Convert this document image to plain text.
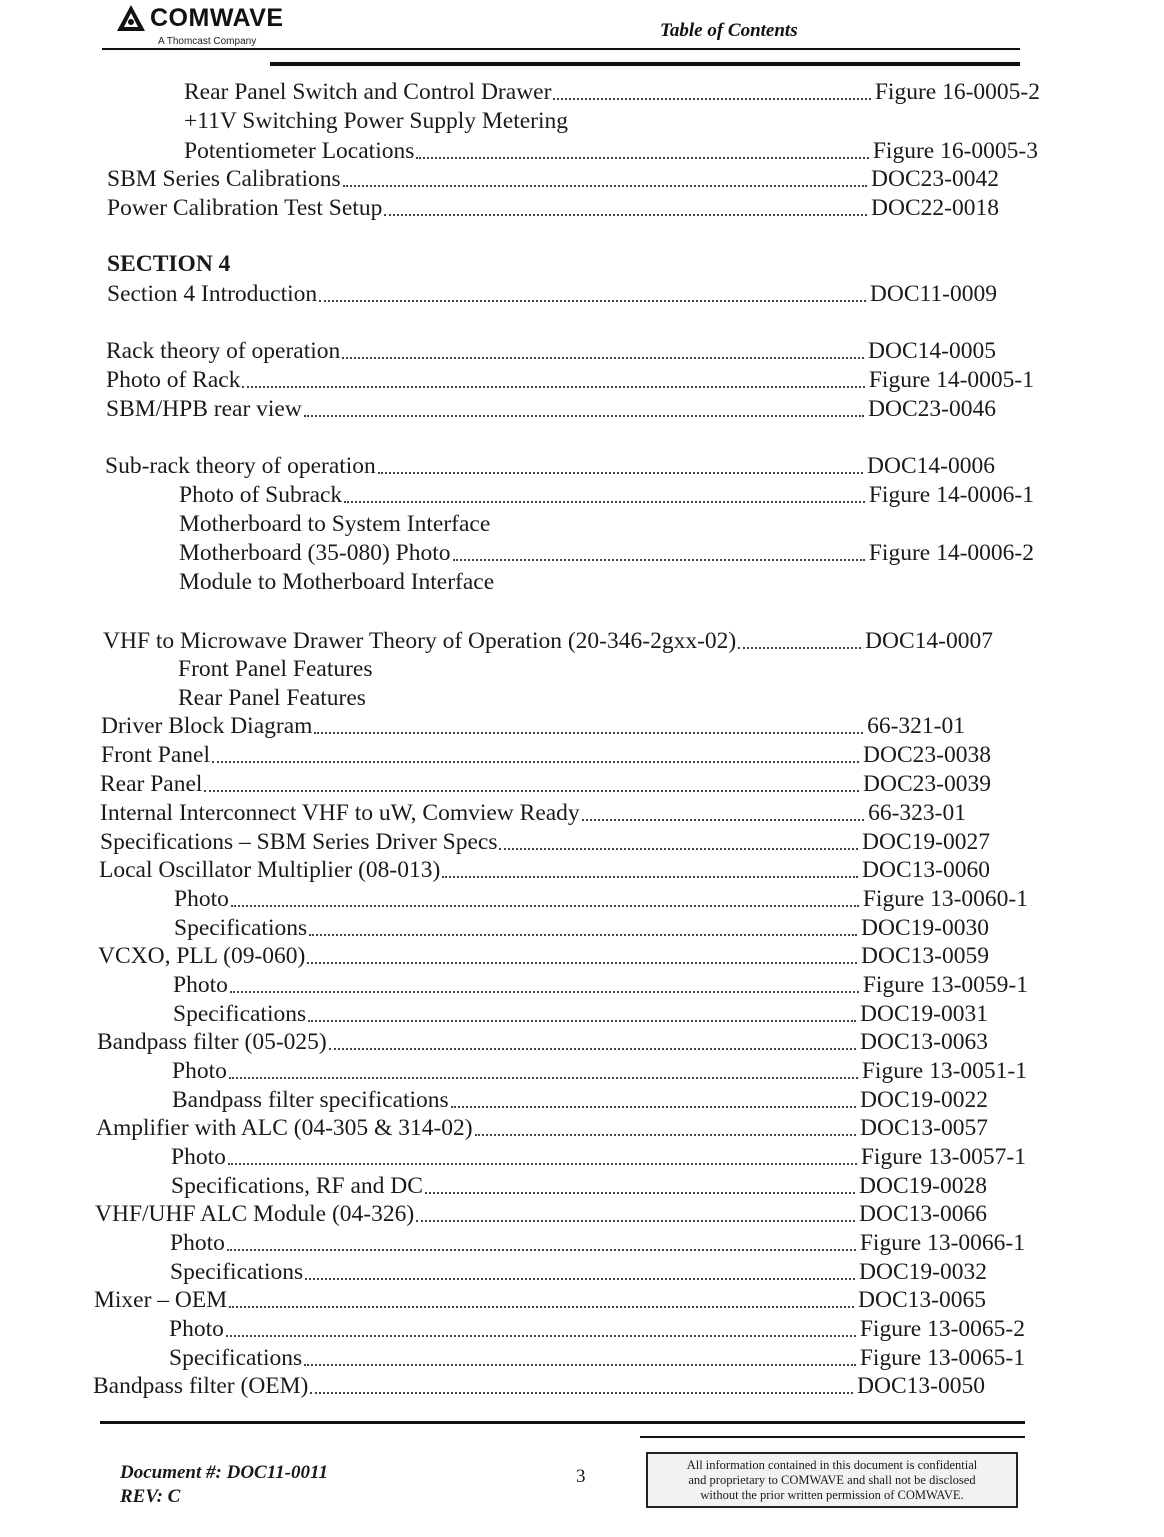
COMWAVE
A Thomcast Company
Table of Contents
Rear Panel Switch and Control Drawer	Figure 16-0005-2
+11V Switching Power Supply Metering
Potentiometer Locations	Figure 16-0005-3
SBM Series Calibrations	DOC23-0042
Power Calibration Test Setup	DOC22-0018
SECTION 4
Section 4 Introduction	DOC11-0009
Rack theory of operation	DOC14-0005
Photo of Rack	Figure 14-0005-1
SBM/HPB rear view	DOC23-0046
Sub-rack theory of operation	DOC14-0006
Photo of Subrack	Figure 14-0006-1
Motherboard to System Interface
Motherboard (35-080) Photo	Figure 14-0006-2
Module to Motherboard Interface
VHF to Microwave Drawer Theory of Operation (20-346-2gxx-02)	DOC14-0007
Front Panel Features
Rear Panel Features
Driver Block Diagram	66-321-01
Front Panel	DOC23-0038
Rear Panel	DOC23-0039
Internal Interconnect VHF to uW, Comview Ready	66-323-01
Specifications – SBM Series Driver Specs	DOC19-0027
Local Oscillator Multiplier (08-013)	DOC13-0060
Photo	Figure 13-0060-1
Specifications	DOC19-0030
VCXO, PLL (09-060)	DOC13-0059
Photo	Figure 13-0059-1
Specifications	DOC19-0031
Bandpass filter (05-025)	DOC13-0063
Photo	Figure 13-0051-1
Bandpass filter specifications	DOC19-0022
Amplifier with ALC (04-305 & 314-02)	DOC13-0057
Photo	Figure 13-0057-1
Specifications, RF and DC	DOC19-0028
VHF/UHF ALC Module (04-326)	DOC13-0066
Photo	Figure 13-0066-1
Specifications	DOC19-0032
Mixer – OEM	DOC13-0065
Photo	Figure 13-0065-2
Specifications	Figure 13-0065-1
Bandpass filter (OEM)	DOC13-0050
Document #: DOC11-0011
REV: C
3
All information contained in this document is confidential
and proprietary to COMWAVE and shall not be disclosed
without the prior written permission of COMWAVE.
